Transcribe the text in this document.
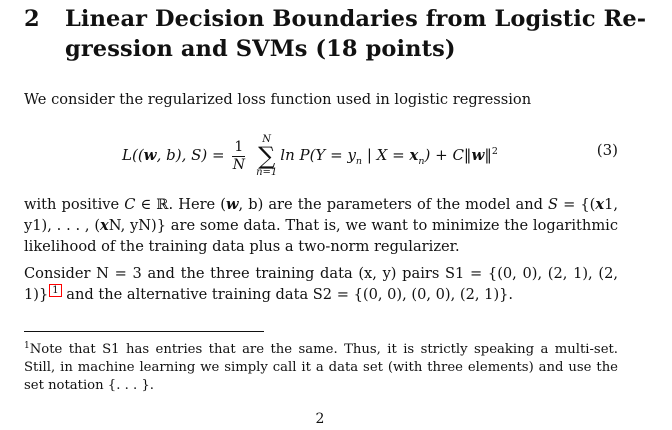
2 Linear Decision Boundaries from Logistic Re-
gression and SVMs (18 points)
We consider the regularized loss function used in logistic regression
L((w, b), $S) = \frac{1}{N}$
	N
∑
n=1
$\ln P(Y = y_n$ | $X = x_n$) + C‖w‖$^2$	(3)
with positive C ∈ ℝ. Here (w, b) are the parameters of the model and S = {(x1, y1), . . . , (xN, yN)} are some data. That is, we want to minimize the logarithmic likelihood of the training data plus a two-norm regularizer.
Consider N = 3 and the three training data (x, y) pairs S1 = {(0, 0), (2, 1), (2, 1)} 1 and the alternative training data S2 = {(0, 0), (0, 0), (2, 1)}.
$^1$Note that S1 has entries that are the same. Thus, it is strictly speaking a multi-set. Still, in machine learning we simply call it a data set (with three elements) and use the set notation {. . . }.
2
